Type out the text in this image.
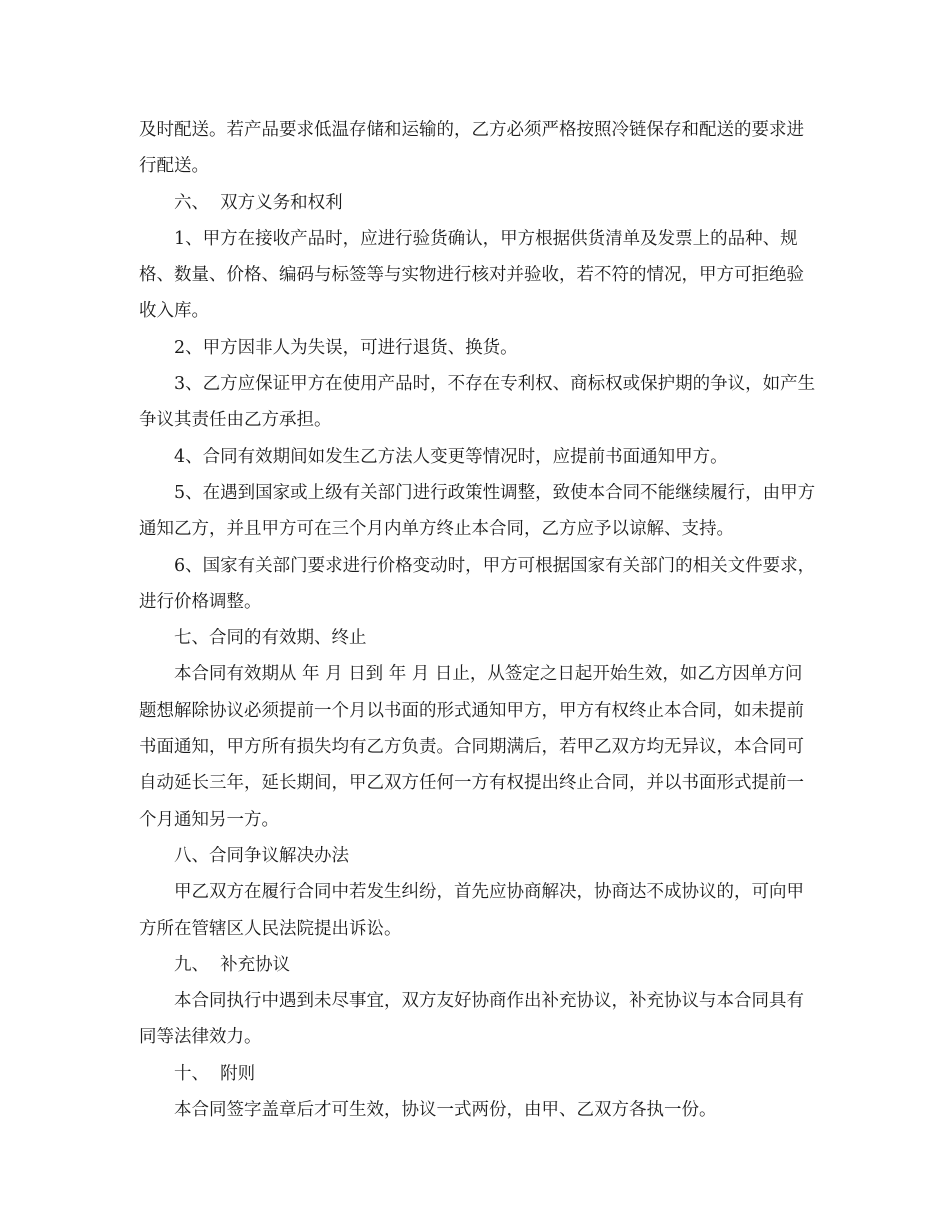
及时配送。若产品要求低温存储和运输的，乙方必须严格按照冷链保存和配送的要求进行配送。

六、  双方义务和权利

1、甲方在接收产品时，应进行验货确认，甲方根据供货清单及发票上的品种、规格、数量、价格、编码与标签等与实物进行核对并验收，若不符的情况，甲方可拒绝验收入库。

2、甲方因非人为失误，可进行退货、换货。

3、乙方应保证甲方在使用产品时，不存在专利权、商标权或保护期的争议，如产生争议其责任由乙方承担。

4、合同有效期间如发生乙方法人变更等情况时，应提前书面通知甲方。

5、在遇到国家或上级有关部门进行政策性调整，致使本合同不能继续履行，由甲方通知乙方，并且甲方可在三个月内单方终止本合同，乙方应予以谅解、支持。

6、国家有关部门要求进行价格变动时，甲方可根据国家有关部门的相关文件要求，进行价格调整。

七、合同的有效期、终止

本合同有效期从 年 月 日到 年 月 日止，从签定之日起开始生效，如乙方因单方问题想解除协议必须提前一个月以书面的形式通知甲方，甲方有权终止本合同，如未提前书面通知，甲方所有损失均有乙方负责。合同期满后，若甲乙双方均无异议，本合同可自动延长三年，延长期间，甲乙双方任何一方有权提出终止合同，并以书面形式提前一个月通知另一方。

八、合同争议解决办法

甲乙双方在履行合同中若发生纠纷，首先应协商解决，协商达不成协议的，可向甲方所在管辖区人民法院提出诉讼。

九、  补充协议

本合同执行中遇到未尽事宜，双方友好协商作出补充协议，补充协议与本合同具有同等法律效力。

十、  附则

本合同签字盖章后才可生效，协议一式两份，由甲、乙双方各执一份。
